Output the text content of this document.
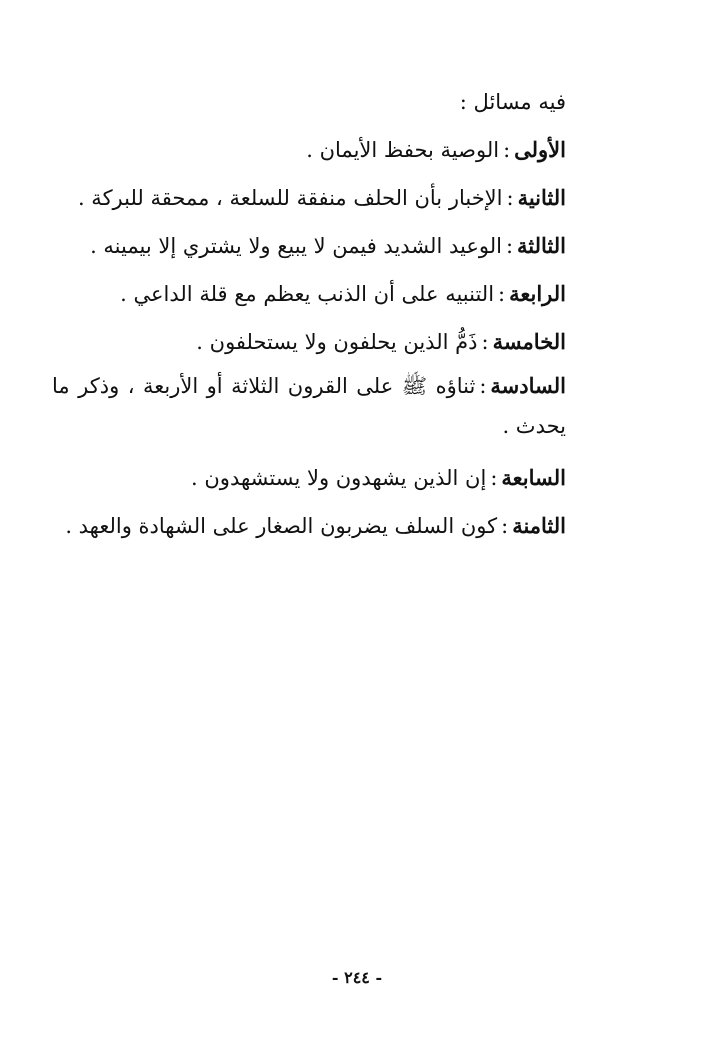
فيه مسائل :

الأولى:الوصية بحفظ الأيمان .

الثانية:الإخبار بأن الحلف منفقة للسلعة ، ممحقة للبركة .

الثالثة:الوعيد الشديد فيمن لا يبيع ولا يشتري إلا بيمينه .

الرابعة:التنبيه على أن الذنب يعظم مع قلة الداعي .

الخامسة:ذَمُّ الذين يحلفون ولا يستحلفون .

السادسة:ثناؤه ﷺ على القرون الثلاثة أو الأربعة ، وذكر ما يحدث .

السابعة:إن الذين يشهدون ولا يستشهدون .

الثامنة:كون السلف يضربون الصغار على الشهادة والعهد .

- ٢٤٤ -
